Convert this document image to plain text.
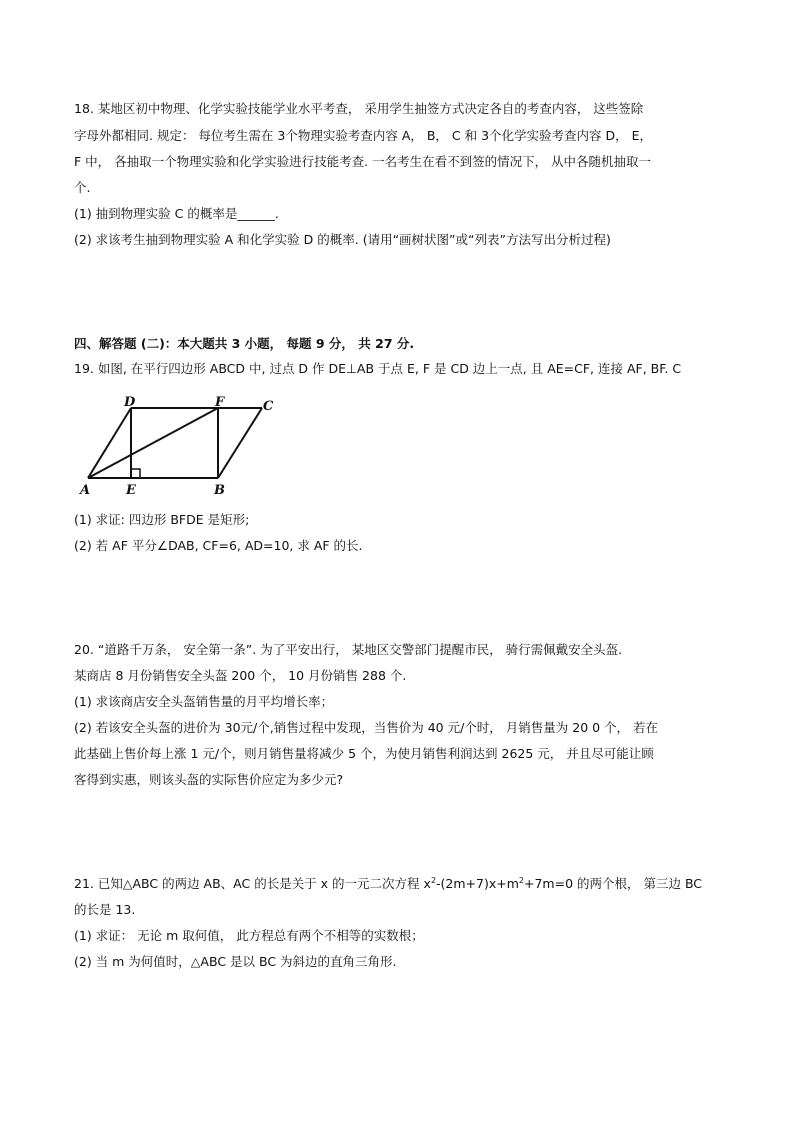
18. 某地区初中物理、化学实验技能学业水平考查， 采用学生抽签方式决定各自的考查内容， 这些签除
字母外都相同. 规定： 每位考生需在 3个物理实验考查内容 A， B， C 和 3个化学实验考查内容 D， E，
F 中， 各抽取一个物理实验和化学实验进行技能考查. 一名考生在看不到签的情况下， 从中各随机抽取一
个.
(1) 抽到物理实验 C 的概率是______.
(2) 求该考生抽到物理实验 A 和化学实验 D 的概率. (请用“画树状图”或“列表”方法写出分析过程)
四、解答题 (二)：本大题共 3 小题， 每题 9 分， 共 27 分.
19. 如图, 在平行四边形 ABCD 中, 过点 D 作 DE⊥AB 于点 E, F 是 CD 边上一点, 且 AE=CF, 连接 AF, BF. C
A	E	B
D	F	C
(1) 求证: 四边形 BFDE 是矩形;
(2) 若 AF 平分∠DAB, CF=6, AD=10, 求 AF 的长.
20. “道路千万条， 安全第一条”. 为了平安出行， 某地区交警部门提醒市民， 骑行需佩戴安全头盔.
某商店 8 月份销售安全头盔 200 个， 10 月份销售 288 个.
(1) 求该商店安全头盔销售量的月平均增长率；
(2) 若该安全头盔的进价为 30元/个,销售过程中发现，当售价为 40 元/个时， 月销售量为 20 0 个， 若在
此基础上售价每上涨 1 元/个，则月销售量将减少 5 个，为使月销售利润达到 2625 元， 并且尽可能让顾
客得到实惠，则该头盔的实际售价应定为多少元?
21. 已知△ABC 的两边 AB、AC 的长是关于 x 的一元二次方程 $x^2-(2m+7)x+m^2+7m=0$ 的两个根， 第三边 BC
的长是 13.
(1) 求证： 无论 m 取何值， 此方程总有两个不相等的实数根；
(2) 当 m 为何值时，△ABC 是以 BC 为斜边的直角三角形.
